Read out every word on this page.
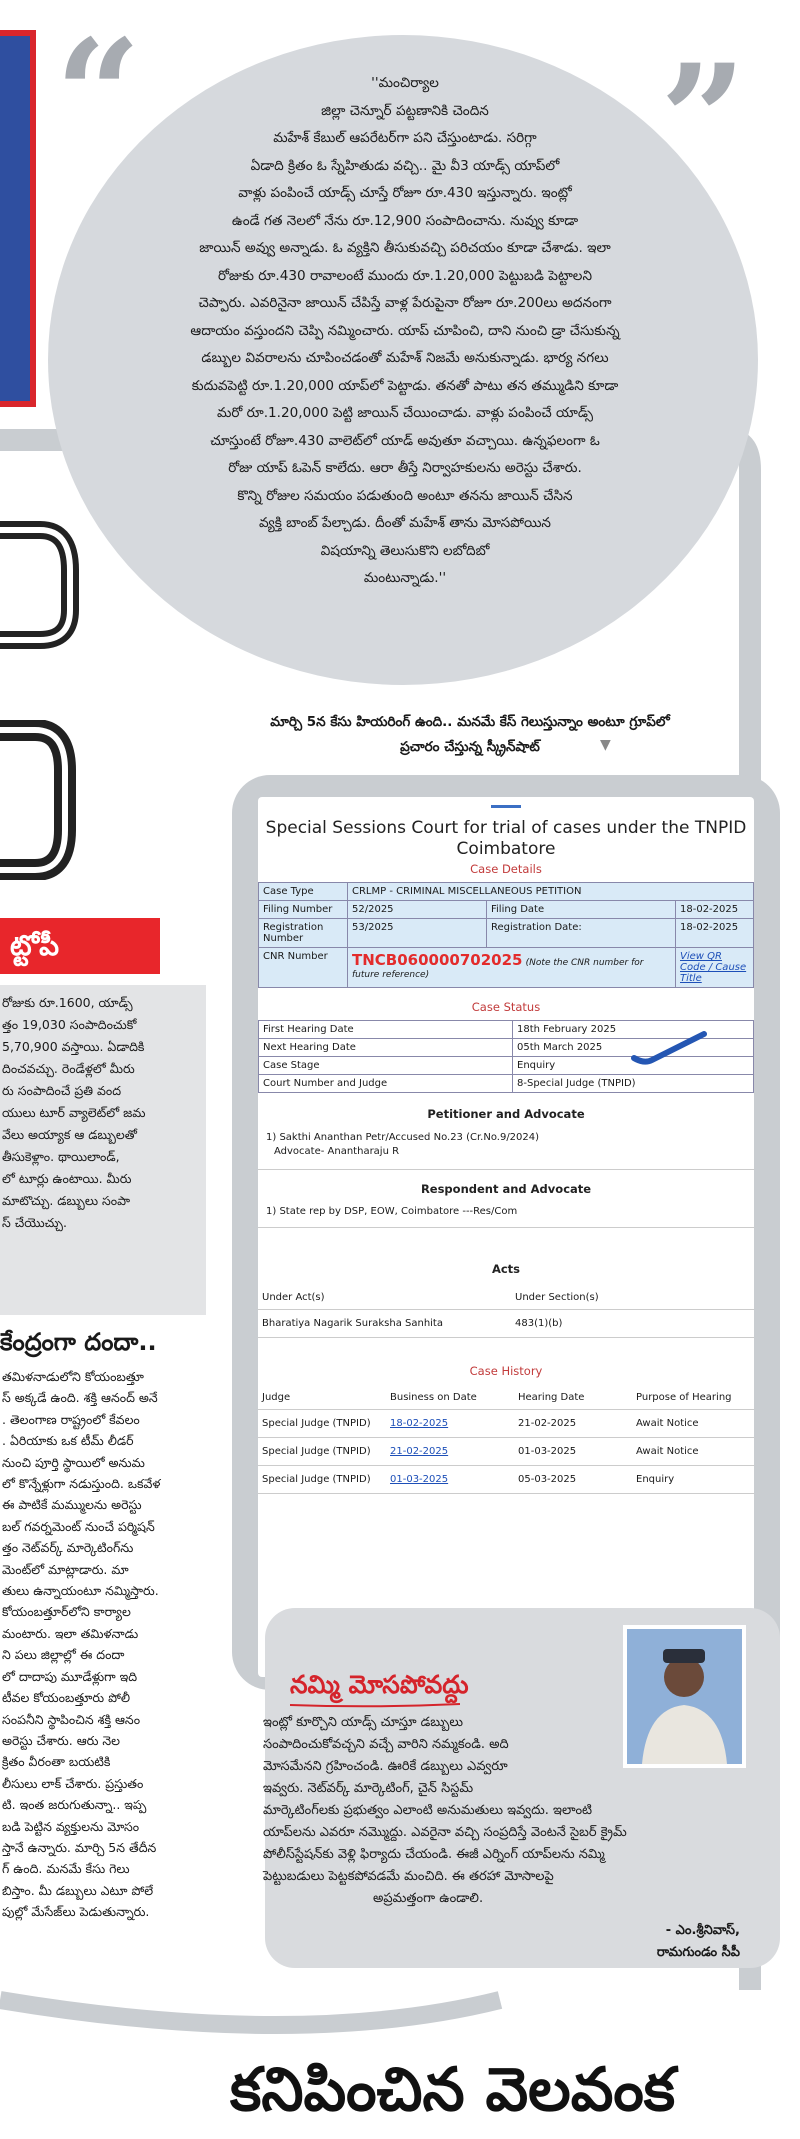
ట్టోపీ
రోజుకు రూ.1600, యాడ్స్
త్తం 19,030 సంపాదించుకో
5,70,900 వస్తాయి. ఏడాదికి
దించవచ్చు. రెండేళ్లలో మీరు
రు సంపాదించే ప్రతి వంద
యులు టూర్ వ్యాలెట్‌లో జమ
వేలు అయ్యాక ఆ డబ్బులతో
తీసుకెళ్లాం. థాయిలాండ్,
లో టూర్లు ఉంటాయి. మీరు
మాటొచ్చు. డబ్బులు సంపా
స్ చేయొచ్చు.
కేంద్రంగా దందా..
తమిళనాడులోని కోయంబత్తూ
స్ అక్కడే ఉంది. శక్తి ఆనంద్ అనే
. తెలంగాణ రాష్ట్రంలో కేవలం
. ఏరియాకు ఒక టీమ్ లీడర్
నుంచి పూర్తి స్థాయిలో అనుమ
లో కొన్నేళ్లుగా నడుస్తుంది. ఒకవేళ
ఈ పాటికే మమ్ములను అరెస్టు
బల్ గవర్నమెంట్ నుంచే పర్మిషన్
త్తం నెట్‌వర్క్ మార్కెటింగ్‌ను
మెంట్‌లో మాట్లాడారు. మా
తులు ఉన్నాయంటూ నమ్మిస్తారు.
కోయంబత్తూర్‌లోని కార్యాల
మంటారు. ఇలా తమిళనాడు
ని పలు జిల్లాల్లో ఈ దందా
లో దాదాపు మూడేళ్లుగా ఇది
టీవల కోయంబత్తూరు పోలీ
సంపనీని స్థాపించిన శక్తి ఆనం
అరెస్టు చేశారు. ఆరు నెల
క్రితం వీరంతా బయటికి
లీసులు లాక్ చేశారు. ప్రస్తుతం
టి. ఇంత జరుగుతున్నా.. ఇప్ప
బడి పెట్టిన వ్యక్తులను మోసం
స్తానే ఉన్నారు. మార్చి 5న తేదీన
గ్ ఉంది. మనమే కేసు గెలు
బిస్తాం. మీ డబ్బులు ఎటూ పోలే
పుల్లో మేసేజ్‌లు పెడుతున్నారు.
“	”
''మంచిర్యాల
జిల్లా చెన్నూర్ పట్టణానికి చెందిన
మహేశ్ కేబుల్ ఆపరేటర్‌గా పని చేస్తుంటాడు. సరిగ్గా
ఏడాది క్రితం ఓ స్నేహితుడు వచ్చి.. మై వీ3 యాడ్స్ యాప్‌లో
వాళ్లు పంపించే యాడ్స్ చూస్తే రోజూ రూ.430 ఇస్తున్నారు. ఇంట్లో
ఉండే గత నెలలో నేను రూ.12,900 సంపాదించాను. నువ్వు కూడా
జాయిన్ అవ్వు అన్నాడు. ఓ వ్యక్తిని తీసుకువచ్చి పరిచయం కూడా చేశాడు. ఇలా
రోజుకు రూ.430 రావాలంటే ముందు రూ.1.20,000 పెట్టుబడి పెట్టాలని
చెప్పారు. ఎవరినైనా జాయిన్ చేపిస్తే వాళ్ల పేరుపైనా రోజూ రూ.200లు అదనంగా
ఆదాయం వస్తుందని చెప్పి నమ్మించారు. యాప్ చూపించి, దాని నుంచి డ్రా చేసుకున్న
డబ్బుల వివరాలను చూపించడంతో మహేశ్ నిజమే అనుకున్నాడు. భార్య నగలు
కుదువపెట్టి రూ.1.20,000 యాప్‌లో పెట్టాడు. తనతో పాటు తన తమ్ముడిని కూడా
మరో రూ.1.20,000 పెట్టి జాయిన్ చేయించాడు. వాళ్లు పంపించే యాడ్స్
చూస్తుంటే రోజూ.430 వాలెట్‌లో యాడ్ అవుతూ వచ్చాయి. ఉన్నఫలంగా ఓ
రోజు యాప్ ఓపెన్ కాలేదు. ఆరా తీస్తే నిర్వాహకులను అరెస్టు చేశారు.
కొన్ని రోజుల సమయం పడుతుంది అంటూ తనను జాయిన్ చేసిన
వ్యక్తి బాంబ్ పేల్చాడు. దీంతో మహేశ్ తాను మోసపోయిన
విషయాన్ని తెలుసుకొని లబోదిబో
మంటున్నాడు.''
మార్చి 5న కేసు హియరింగ్ ఉంది.. మనమే కేస్ గెలుస్తున్నాం అంటూ గ్రూప్‌లో
ప్రచారం చేస్తున్న స్క్రీన్‌షాట్	▼
Special Sessions Court for trial of cases under the TNPID Coimbatore
Case Details
Case Type	CRLMP - CRIMINAL MISCELLANEOUS PETITION		
Filing Number	52/2025	Filing Date	18-02-2025
Registration Number	53/2025	Registration Date:	18-02-2025
CNR Number	TNCB060000702025 (Note the CNR number for future reference)		View QR Code / Cause Title
Case Status
First Hearing Date	18th February 2025
Next Hearing Date	05th March 2025
Case Stage	Enquiry
Court Number and Judge	8-Special Judge (TNPID)
Petitioner and Advocate
1) Sakthi Ananthan Petr/Accused No.23 (Cr.No.9/2024)
Advocate- Anantharaju R
Respondent and Advocate
1) State rep by DSP, EOW, Coimbatore ---Res/Com
Acts
Under Act(s)	Under Section(s)
Bharatiya Nagarik Suraksha Sanhita	483(1)(b)
Case History
Judge	Business on Date	Hearing Date	Purpose of Hearing
Special Judge (TNPID)	18-02-2025	21-02-2025	Await Notice
Special Judge (TNPID)	21-02-2025	01-03-2025	Await Notice
Special Judge (TNPID)	01-03-2025	05-03-2025	Enquiry
నమ్మి మోసపోవద్దు
ఇంట్లో కూర్చొని యాడ్స్ చూస్తూ డబ్బులు
సంపాదించుకోవచ్చని వచ్చే వారిని నమ్మకండి. అది
మోసమేనని గ్రహించండి. ఊరికే డబ్బులు ఎవ్వరూ
ఇవ్వరు. నెట్‌వర్క్ మార్కెటింగ్, చైన్ సిస్టమ్
మార్కెటింగ్‌లకు ప్రభుత్వం ఎలాంటి అనుమతులు ఇవ్వదు. ఇలాంటి
యాప్‌లను ఎవరూ నమ్మొద్దు. ఎవరైనా వచ్చి సంప్రదిస్తే వెంటనే సైబర్ క్రైమ్
పోలీస్‌స్టేషన్‌కు వెళ్లి ఫిర్యాదు చేయండి. ఈజీ ఎర్నింగ్ యాప్‌లను నమ్మి
పెట్టుబడులు పెట్టకపోవడమే మంచిది. ఈ తరహా మోసాలపై
అప్రమత్తంగా ఉండాలి.
- ఎం.శ్రీనివాస్,
రామగుండం సీపీ
కనిపించిన వెలవంక
